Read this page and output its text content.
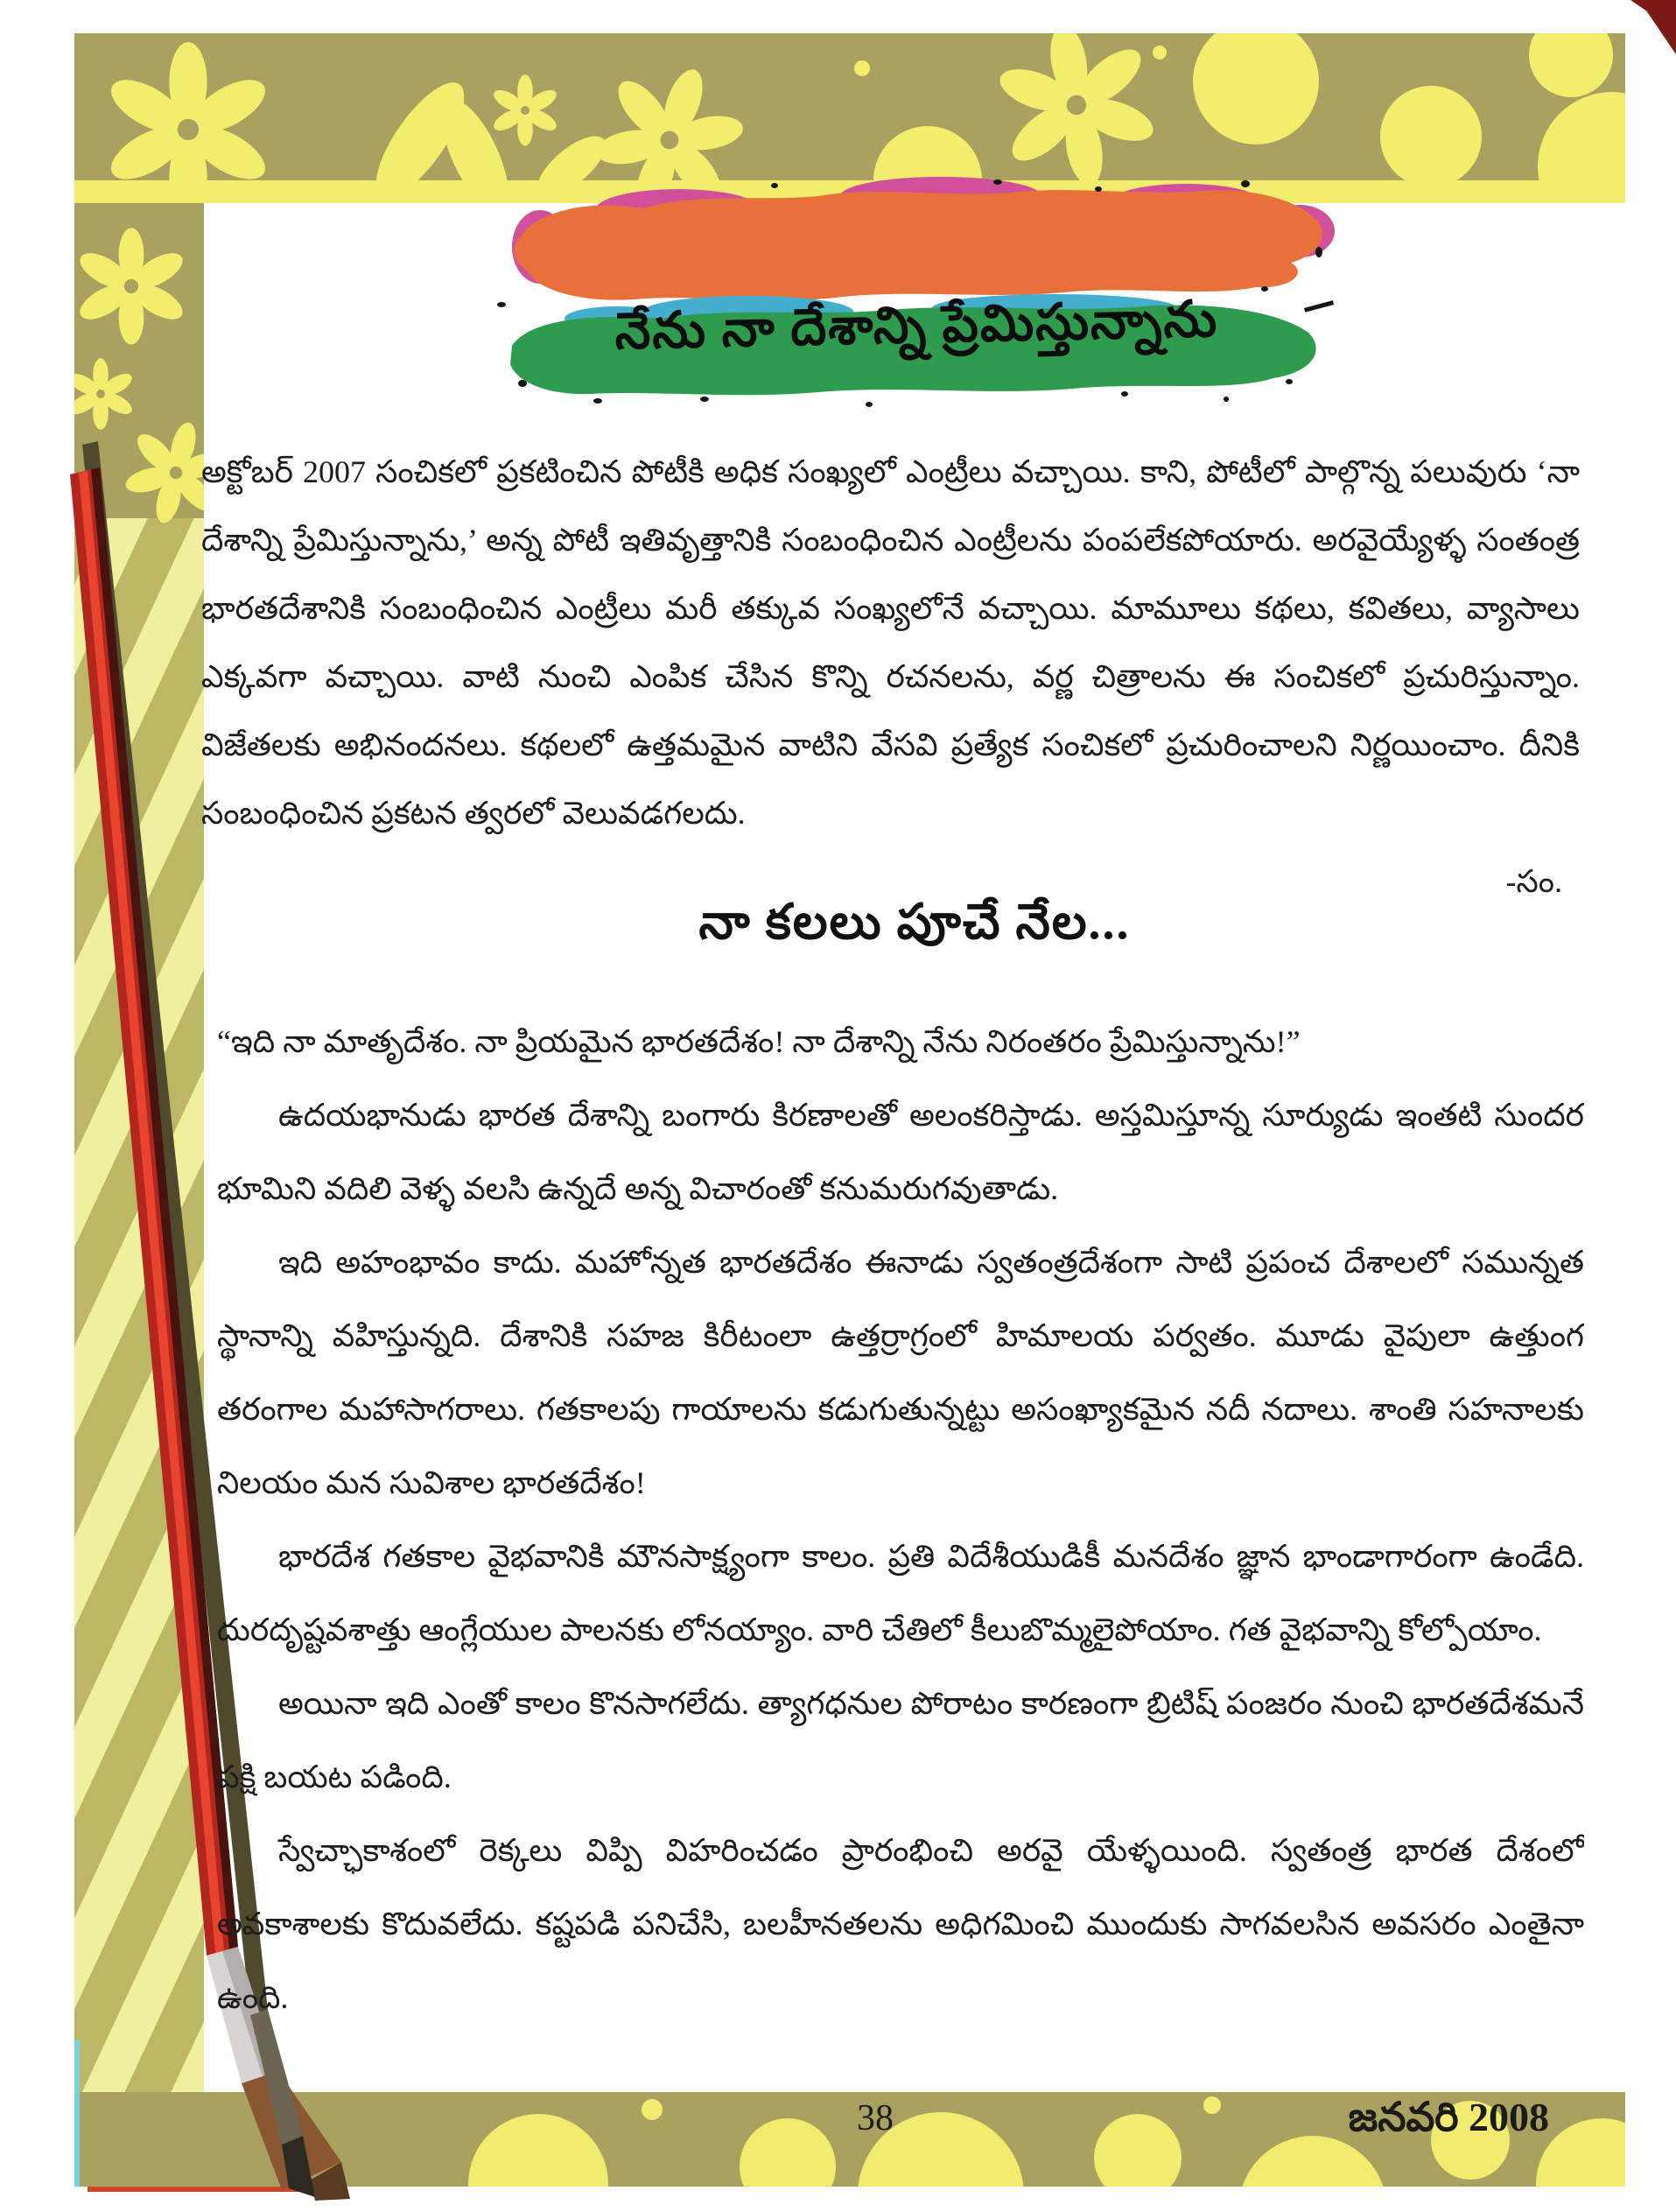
నేను నా దేశాన్ని ప్రేమిస్తున్నాను

అక్టోబర్ 2007 సంచికలో ప్రకటించిన పోటీకి అధిక సంఖ్యలో ఎంట్రీలు వచ్చాయి. కాని, పోటీలో పాల్గొన్న పలువురు ‘నా దేశాన్ని ప్రేమిస్తున్నాను,’ అన్న పోటీ ఇతివృత్తానికి సంబంధించిన ఎంట్రీలను పంపలేకపోయారు. అరవైయ్యేళ్ళ సంతంత్ర భారతదేశానికి సంబంధించిన ఎంట్రీలు మరీ తక్కువ సంఖ్యలోనే వచ్చాయి. మామూలు కథలు, కవితలు, వ్యాసాలు ఎక్కవగా వచ్చాయి. వాటి నుంచి ఎంపిక చేసిన కొన్ని రచనలను, వర్ణ చిత్రాలను ఈ సంచికలో ప్రచురిస్తున్నాం. విజేతలకు అభినందనలు. కథలలో ఉత్తమమైన వాటిని వేసవి ప్రత్యేక సంచికలో ప్రచురించాలని నిర్ణయించాం. దీనికి సంబంధించిన ప్రకటన త్వరలో వెలువడగలదు.

-సం.
నా కలలు పూచే నేల...

“ఇది నా మాతృదేశం. నా ప్రియమైన భారతదేశం! నా దేశాన్ని నేను నిరంతరం ప్రేమిస్తున్నాను!”

ఉదయభానుడు భారత దేశాన్ని బంగారు కిరణాలతో అలంకరిస్తాడు. అస్తమిస్తూన్న సూర్యుడు ఇంతటి సుందర భూమిని వదిలి వెళ్ళ వలసి ఉన్నదే అన్న విచారంతో కనుమరుగవుతాడు.

ఇది అహంభావం కాదు. మహోన్నత భారతదేశం ఈనాడు స్వతంత్రదేశంగా సాటి ప్రపంచ దేశాలలో సమున్నత స్థానాన్ని వహిస్తున్నది. దేశానికి సహజ కిరీటంలా ఉత్తర్రాగ్రంలో హిమాలయ పర్వతం. మూడు వైపులా ఉత్తుంగ తరంగాల మహాసాగరాలు. గతకాలపు గాయాలను కడుగుతున్నట్టు అసంఖ్యాకమైన నదీ నదాలు. శాంతి సహనాలకు నిలయం మన సువిశాల భారతదేశం!

భారదేశ గతకాల వైభవానికి మౌనసాక్ష్యంగా కాలం. ప్రతి విదేశీయుడికీ మనదేశం జ్ఞాన భాండాగారంగా ఉండేది. దురదృష్టవశాత్తు ఆంగ్లేయుల పాలనకు లోనయ్యాం. వారి చేతిలో కీలుబొమ్మలైపోయాం. గత వైభవాన్ని కోల్పోయాం.

అయినా ఇది ఎంతో కాలం కొనసాగలేదు. త్యాగధనుల పోరాటం కారణంగా బ్రిటిష్ పంజరం నుంచి భారతదేశమనే పక్షి బయట పడింది.

స్వేచ్ఛాకాశంలో రెక్కలు విప్పి విహరించడం ప్రారంభించి అరవై యేళ్ళయింది. స్వతంత్ర భారత దేశంలో అవకాశాలకు కొదువలేదు. కష్టపడి పనిచేసి, బలహీనతలను అధిగమించి ముందుకు సాగవలసిన అవసరం ఎంతైనా ఉంది.

38	జనవరి 2008
